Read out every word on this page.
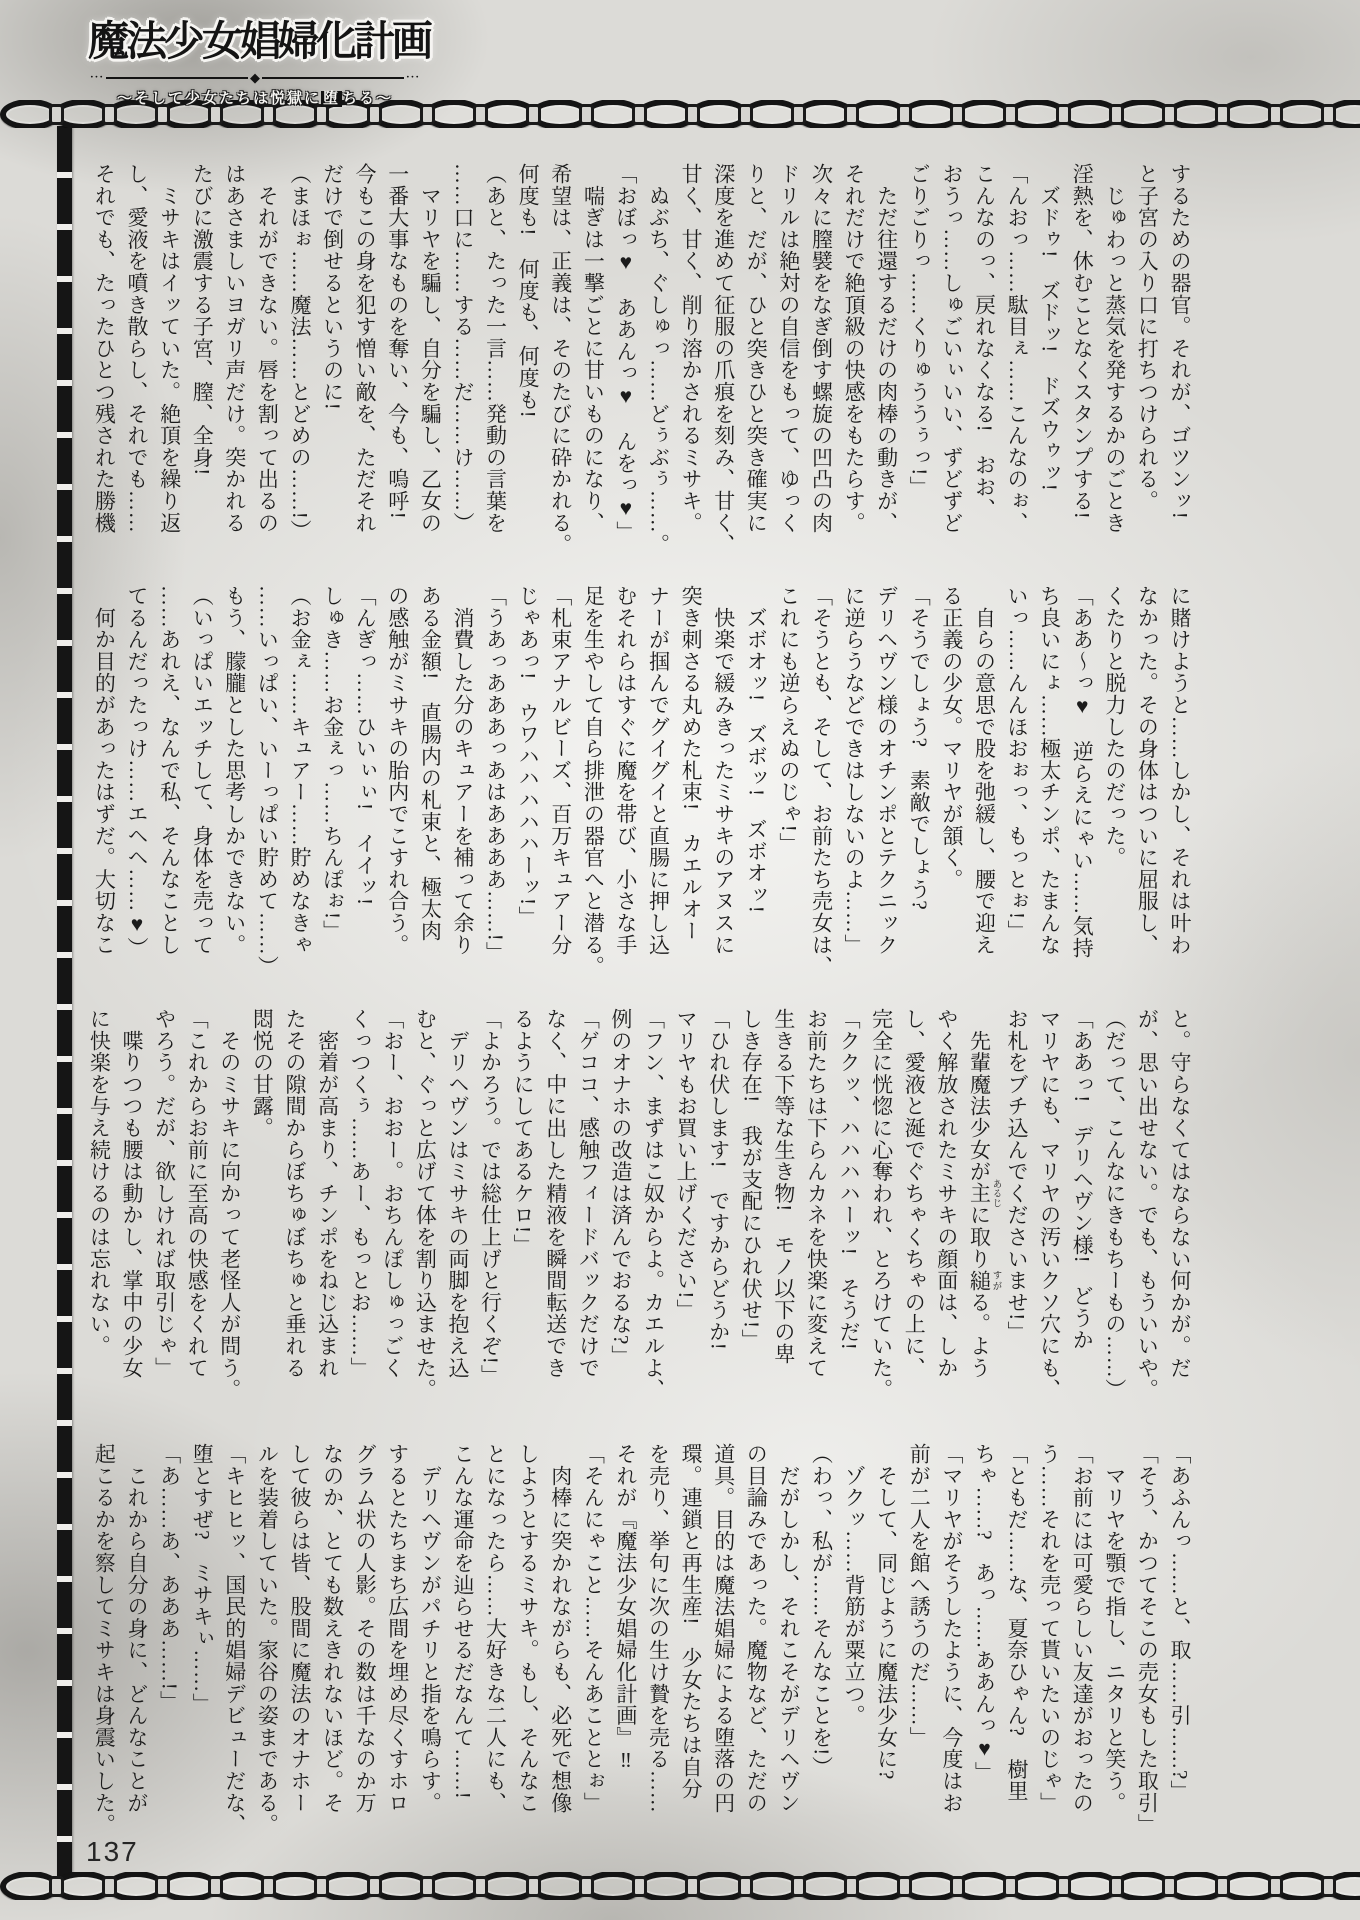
魔法少女娼婦化計画
···	◆	···

～そして少女たちは悦獄に 堕 ちる～

するための器官。それが、ゴツンッ!
と子宮の入り口に打ちつけられる。
　じゅわっと蒸気を発するかのごとき
淫熱を、休むことなくスタンプする!
　ズドゥ!　ズドッ!　ドズウゥッ!
「んおっ……駄目ぇ……こんなのぉ、
こんなのっ、戻れなくなる!　おお、
おうっ……しゅごいぃいい、ずどずど
ごりごりっ……くりゅううぅっ!」
　ただ往還するだけの肉棒の動きが、
それだけで絶頂級の快感をもたらす。
次々に膣襞をなぎ倒す螺旋の凹凸の肉
ドリルは絶対の自信をもって、ゆっく
りと、だが、ひと突きひと突き確実に
深度を進めて征服の爪痕を刻み、甘く、
甘く、甘く、削り溶かされるミサキ。
　ぬぶち、ぐしゅっ……どぅぶぅ……。
「おぼっ♥　ああんっ♥　んをっ♥」
　喘ぎは一撃ごとに甘いものになり、
希望は、正義は、そのたびに砕かれる。
何度も!　何度も、何度も!
（あと、たった一言……発動の言葉を
……口に……する……だ……け……）
　マリヤを騙し、自分を騙し、乙女の
一番大事なものを奪い、今も、嗚呼!
今もこの身を犯す憎い敵を、ただそれ
だけで倒せるというのに!
（まほぉ……魔法……とどめの……!）
　それができない。唇を割って出るの
はあさましいヨガリ声だけ。突かれる
たびに激震する子宮、膣、全身!
　ミサキはイッていた。絶頂を繰り返
し、愛液を噴き散らし、それでも……
それでも、たったひとつ残された勝機
に賭けようと……しかし、それは叶わ
なかった。その身体はついに屈服し、
くたりと脱力したのだった。
「ああ～っ♥　逆らえにゃい……気持
ち良いにょ……極太チンポ、たまんな
いっ……んんほおぉっ、もっとぉ!」
　自らの意思で股を弛緩し、腰で迎え
る正義の少女。マリヤが頷く。
「そうでしょう?　素敵でしょう?
デリヘヴン様のオチンポとテクニック
に逆らうなどできはしないのよ……」
「そうとも、そして、お前たち売女は、
これにも逆らえぬのじゃ!」
　ズボオッ!　ズボッ!　ズボオッ!
　快楽で緩みきったミサキのアヌスに
突き刺さる丸めた札束!　カエルオー
ナーが掴んでグイグイと直腸に押し込
むそれらはすぐに魔を帯び、小さな手
足を生やして自ら排泄の器官へと潜る。
「札束アナルビーズ、百万キュアー分
じゃあっ!　ウワハハハハハーッ!」
「うあっあああっあはああああ……!」
　消費した分のキュアーを補って余り
ある金額!　直腸内の札束と、極太肉
の感触がミサキの胎内でこすれ合う。
「んぎっ……ひいぃぃ!　イイッ!
しゅき……お金ぇっ……ちんぽぉ!」
（お金ぇ……キュアー……貯めなきゃ
……いっぱい、いーっぱい貯めて……）
もう、朦朧とした思考しかできない。
（いっぱいエッチして、身体を売って
……あれえ、なんで私、そんなことし
てるんだったっけ……エヘヘ……♥）
　何か目的があったはずだ。大切なこ
と。守らなくてはならない何かが。だ
が、思い出せない。でも、もういいや。
（だって、こんなにきもちーもの……）
「ああっ!　デリヘヴン様!　どうか
マリヤにも、マリヤの汚いクソ穴にも、
お札をブチ込んでくださいませ!」
　先輩魔法少女が主 あるじに取り縋 すがる。よう
やく解放されたミサキの顔面は、しか
し、愛液と涎でぐちゃくちゃの上に、
完全に恍惚に心奪われ、とろけていた。
「ククッ、ハハハハーッ!　そうだ!
お前たちは下らんカネを快楽に変えて
生きる下等な生き物!　モノ以下の卑
しき存在!　我が支配にひれ伏せ!」
「ひれ伏します!　ですからどうか!
マリヤもお買い上げください!」
「フン、まずはこ奴からよ。カエルよ、
例のオナホの改造は済んでおるな?」
「ゲココ、感触フィードバックだけで
なく、中に出した精液を瞬間転送でき
るようにしてあるケロ!」
「よかろう。では総仕上げと行くぞ!」
　デリヘヴンはミサキの両脚を抱え込
むと、ぐっと広げて体を割り込ませた。
「おー、おおー。おちんぽしゅっごく
くっつくぅ……あー、もっとお……」
　密着が高まり、チンポをねじ込まれ
たその隙間からぼちゅぼちゅと垂れる
悶悦の甘露。
　そのミサキに向かって老怪人が問う。
「これからお前に至高の快感をくれて
やろう。だが、欲しければ取引じゃ」
　喋りつつも腰は動かし、掌中の少女
に快楽を与え続けるのは忘れない。
「あふんっ……と、取……引……?」
「そう、かつてそこの売女もした取引」
　マリヤを顎で指し、ニタリと笑う。
「お前には可愛らしい友達がおったの
う……それを売って貰いたいのじゃ」
「ともだ……な、夏奈ひゃん?　樹里
ちゃ……?　あっ……ああんっ♥」
「マリヤがそうしたように、今度はお
前が二人を館へ誘うのだ……」
　そして、同じように魔法少女に?
　ゾクッ……背筋が粟立つ。
（わっ、私が……そんなことを!）
　だがしかし、それこそがデリヘヴン
の目論みであった。魔物など、ただの
道具。目的は魔法娼婦による堕落の円
環。連鎖と再生産!　少女たちは自分
を売り、挙句に次の生け贄を売る……
それが『魔法少女娼婦化計画』‼
「そんにゃこと……そんあこととぉ」
　肉棒に突かれながらも、必死で想像
しようとするミサキ。もし、そんなこ
とになったら……大好きな二人にも、
こんな運命を辿らせるだなんて……!
　デリヘヴンがパチリと指を鳴らす。
するとたちまち広間を埋め尽くすホロ
グラム状の人影。その数は千なのか万
なのか、とても数えきれないほど。そ
して彼らは皆、股間に魔法のオナホー
ルを装着していた。家谷の姿まである。
「キヒヒッ、国民的娼婦デビューだな、
堕とすぜ?　ミサキぃ……」
「あ……あ、あああ……!」
　これから自分の身に、どんなことが
起こるかを察してミサキは身震いした。
137
